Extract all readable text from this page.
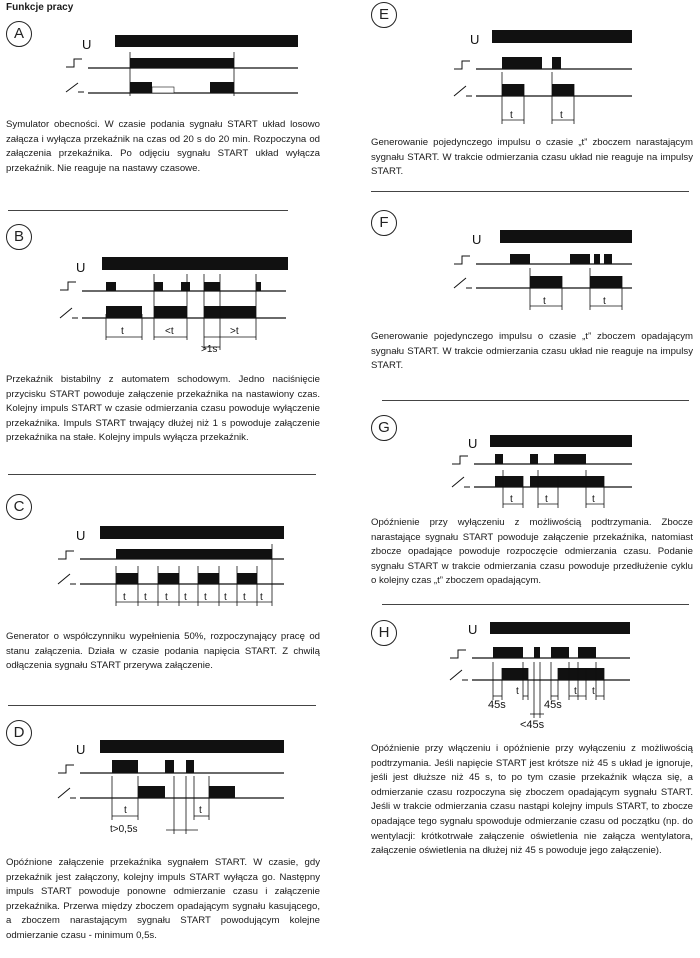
Funkcje pracy
A
U
Symulator obecności. W czasie podania sygnału START układ losowo załącza i wyłącza przekaźnik na czas od 20 s do 20 min. Rozpoczyna od załączenia przekaźnika. Po odjęciu sygnału START układ wyłącza przekaźnik. Nie reaguje na nastawy czasowe.
B
U
t	<t	>t
>1s
Przekaźnik bistabilny z automatem schodowym. Jedno naciśnięcie przycisku START powoduje załączenie przekaźnika na nastawiony czas. Kolejny impuls START w czasie odmierzania czasu powoduje wyłączenie przekaźnika. Impuls START trwający dłużej niż 1 s powoduje załączenie przekaźnika na stałe. Kolejny impuls wyłącza przekaźnik.
C
U
t t t t t t t t
Generator o współczynniku wypełnienia 50%, rozpoczynający pracę od stanu załączenia. Działa w czasie podania napięcia START. Z chwilą odłączenia sygnału START przerywa załączenie.
D
U
t	t
t>0,5s
Opóźnione załączenie przekaźnika sygnałem START. W czasie, gdy przekaźnik jest załączony, kolejny impuls START wyłącza go. Następny impuls START powoduje ponowne odmierzanie czasu i załączenie przekaźnika. Przerwa między zboczem opadającym sygnału kasującego, a zboczem narastającym sygnału START powodującym kolejne odmierzanie czasu - minimum 0,5s.
E
U
t	t
Generowanie pojedynczego impulsu o czasie „t” zboczem narastającym sygnału START. W trakcie odmierzania czasu układ nie reaguje na impulsy START.
F
U
t	t
Generowanie pojedynczego impulsu o czasie „t” zboczem opadającym sygnału START. W trakcie odmierzania czasu układ nie reaguje na impulsy START.
G
U
t	t	t
Opóźnienie przy wyłączeniu z możliwością podtrzymania. Zbocze narastające sygnału START powoduje załączenie przekaźnika, natomiast zbocze opadające powoduje rozpoczęcie odmierzania czasu. Podanie sygnału START w trakcie odmierzania czasu powoduje przedłużenie cyklu o kolejny czas „t” zboczem opadającym.
H	U
t	t t
45s	45s
<45s
Opóźnienie przy włączeniu i opóźnienie przy wyłączeniu z możliwością podtrzymania. Jeśli napięcie START jest krótsze niż 45 s układ je ignoruje, jeśli jest dłuższe niż 45 s, to po tym czasie przekaźnik włącza się, a odmierzanie czasu rozpoczyna się zboczem opadającym sygnału START. Jeśli w trakcie odmierzania czasu nastąpi kolejny impuls START, to zbocze opadające tego sygnału spowoduje odmierzanie czasu od początku (np. do wentylacji: krótkotrwałe załączenie oświetlenia nie załącza wentylatora, załączenie oświetlenia na dłużej niż 45 s powoduje jego załączenie).
